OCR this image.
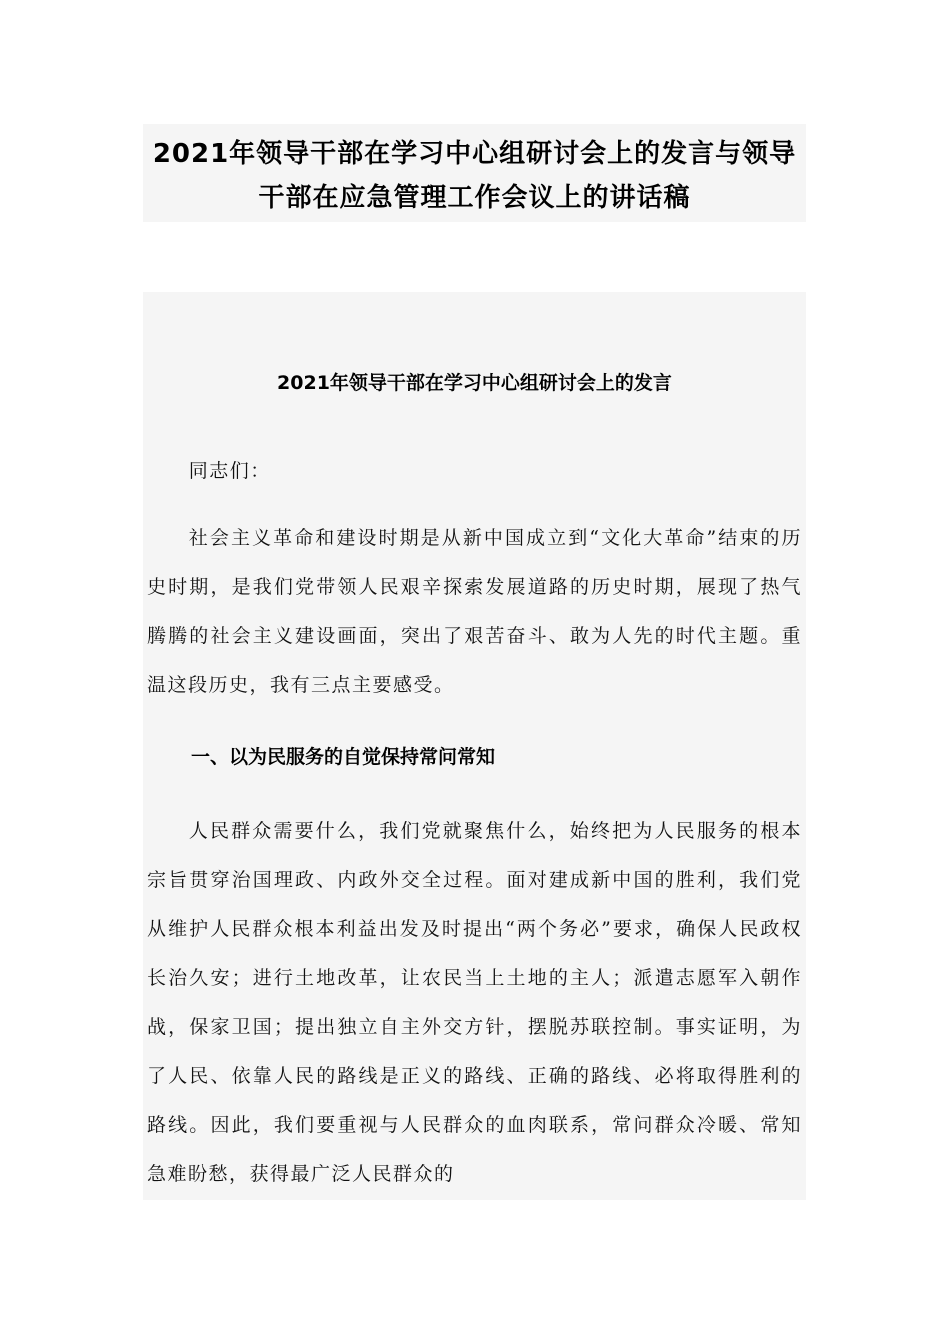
2021年领导干部在学习中心组研讨会上的发言与领导干部在应急管理工作会议上的讲话稿
2021年领导干部在学习中心组研讨会上的发言

同志们：

社会主义革命和建设时期是从新中国成立到“文化大革命”结束的历史时期，是我们党带领人民艰辛探索发展道路的历史时期，展现了热气腾腾的社会主义建设画面，突出了艰苦奋斗、敢为人先的时代主题。重温这段历史，我有三点主要感受。

一、以为民服务的自觉保持常问常知

人民群众需要什么，我们党就聚焦什么，始终把为人民服务的根本宗旨贯穿治国理政、内政外交全过程。面对建成新中国的胜利，我们党从维护人民群众根本利益出发及时提出“两个务必”要求，确保人民政权长治久安；进行土地改革，让农民当上土地的主人；派遣志愿军入朝作战，保家卫国；提出独立自主外交方针，摆脱苏联控制。事实证明，为了人民、依靠人民的路线是正义的路线、正确的路线、必将取得胜利的路线。因此，我们要重视与人民群众的血肉联系，常问群众冷暖、常知急难盼愁，获得最广泛人民群众的
